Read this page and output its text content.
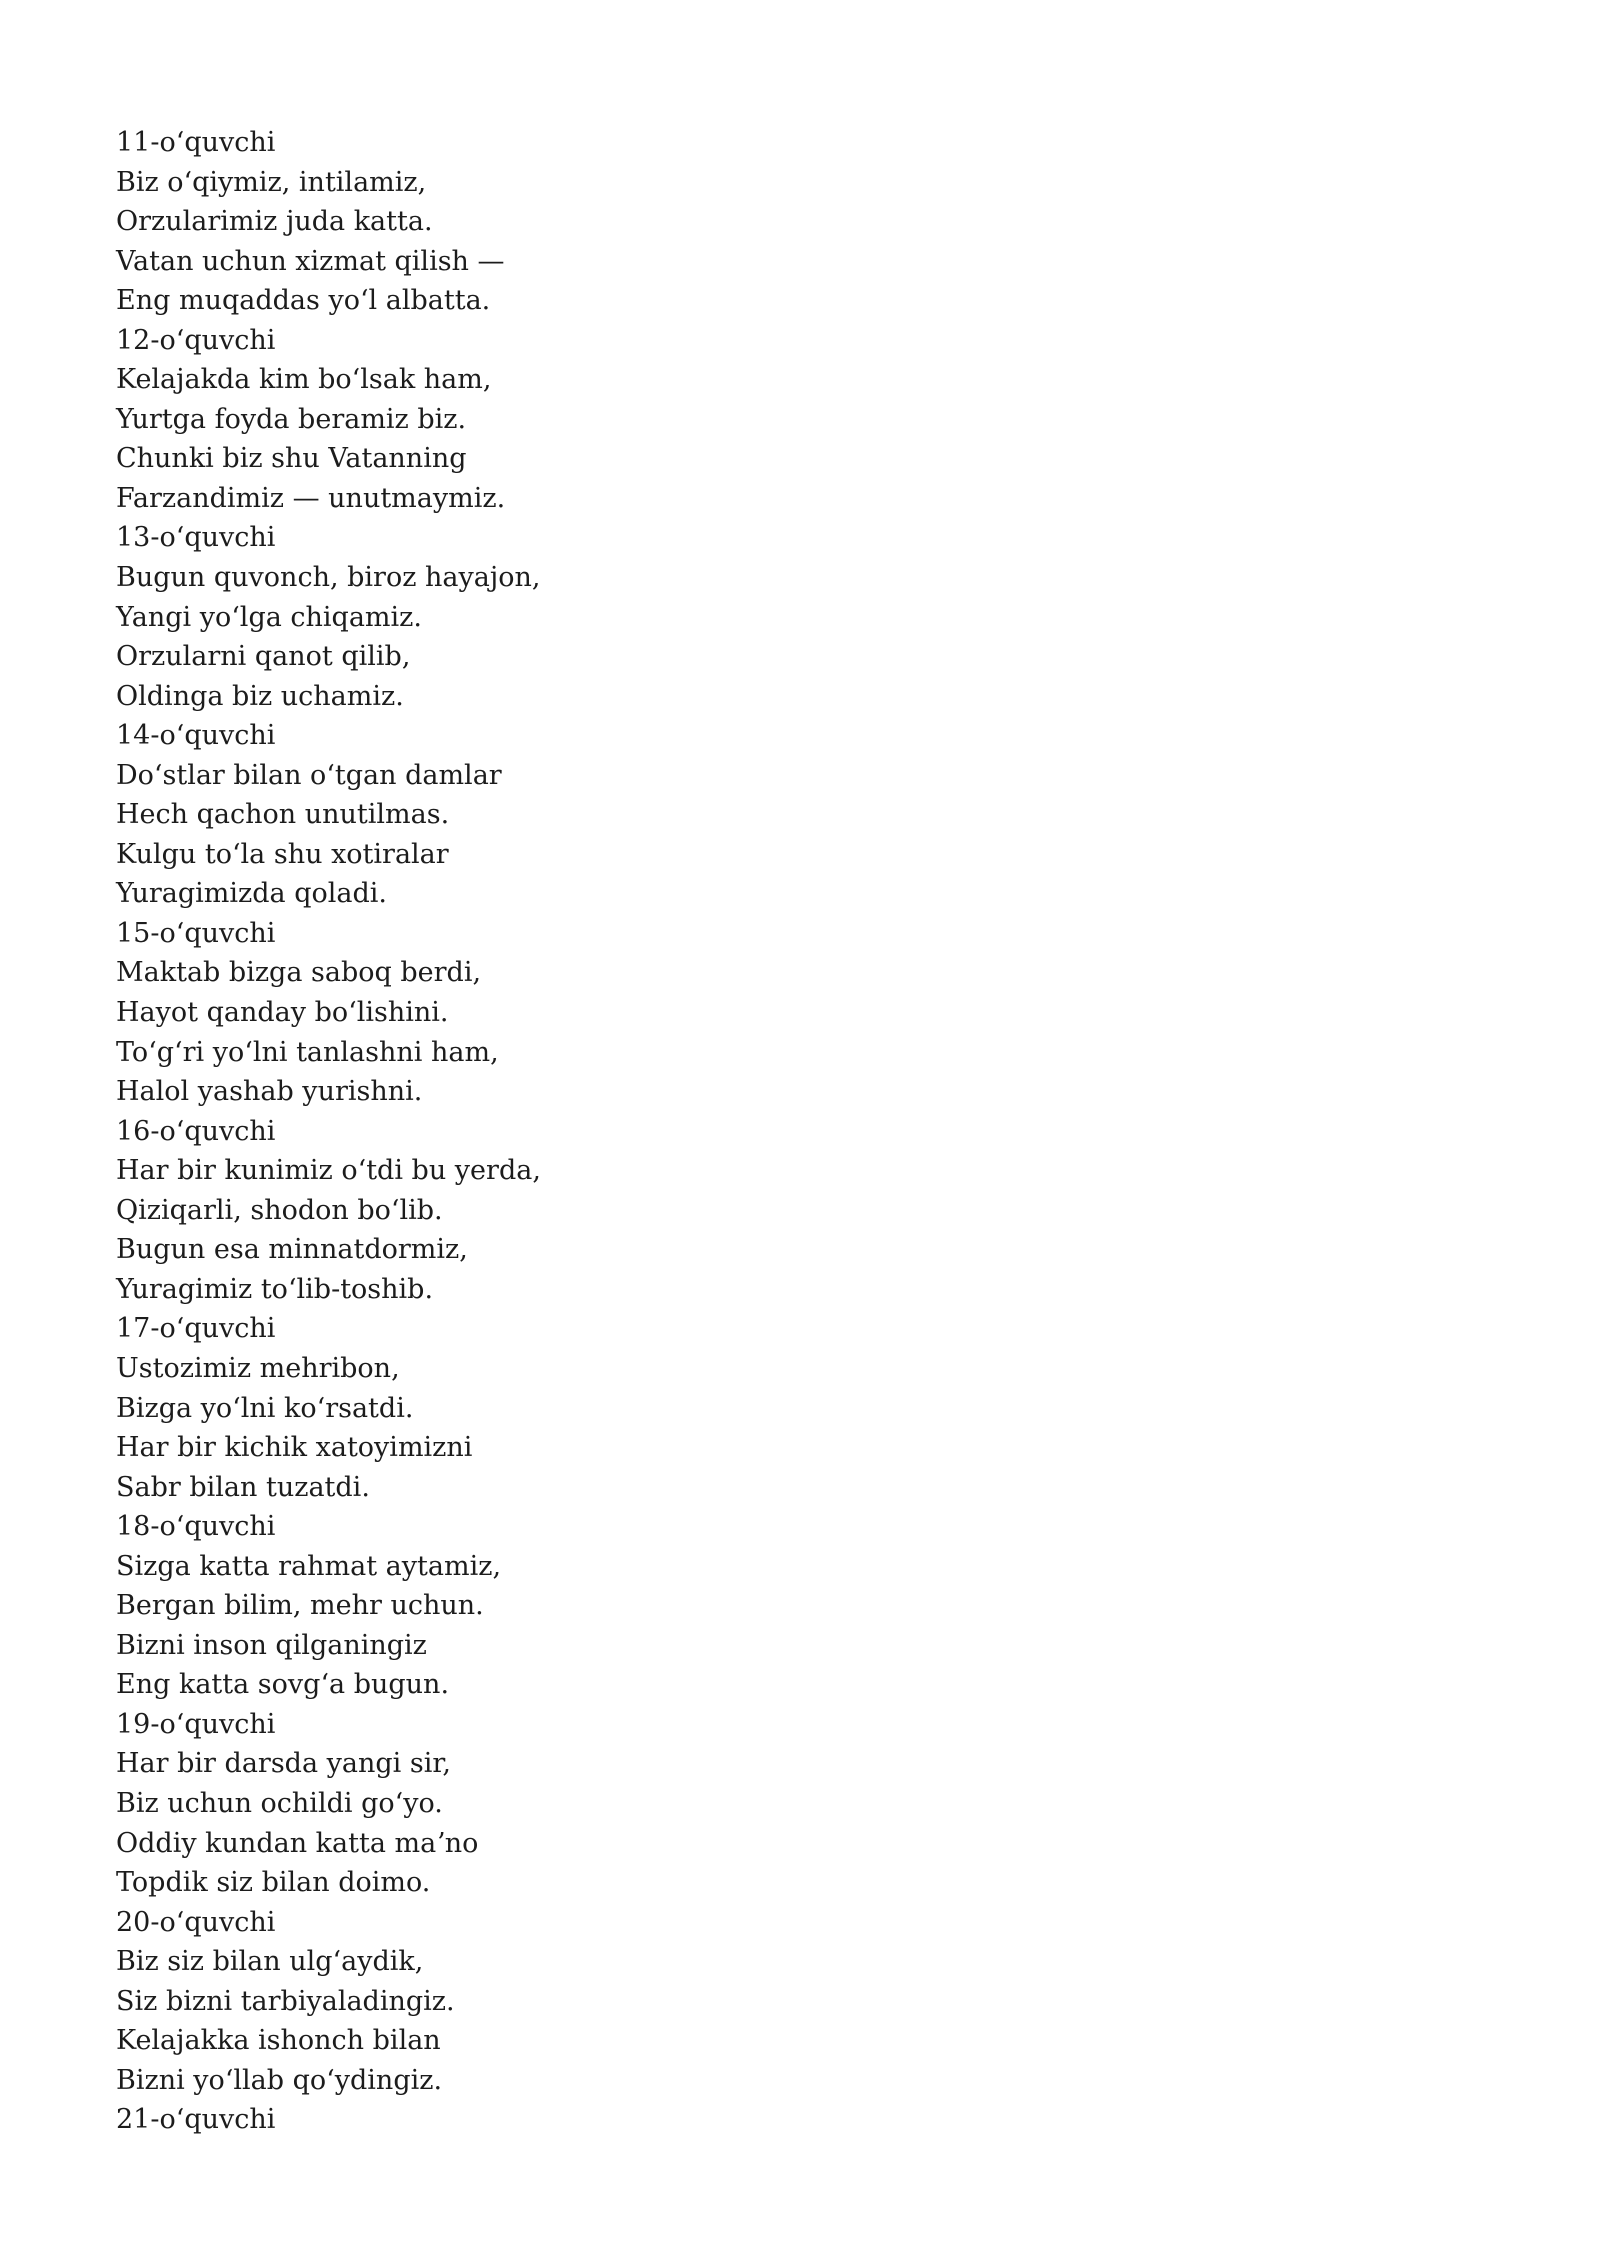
11-oʻquvchi
Biz oʻqiymiz, intilamiz,
Orzularimiz juda katta.
Vatan uchun xizmat qilish —
Eng muqaddas yoʻl albatta.
12-oʻquvchi
Kelajakda kim boʻlsak ham,
Yurtga foyda beramiz biz.
Chunki biz shu Vatanning
Farzandimiz — unutmaymiz.
13-oʻquvchi
Bugun quvonch, biroz hayajon,
Yangi yoʻlga chiqamiz.
Orzularni qanot qilib,
Oldinga biz uchamiz.
14-oʻquvchi
Doʻstlar bilan oʻtgan damlar
Hech qachon unutilmas.
Kulgu toʻla shu xotiralar
Yuragimizda qoladi.
15-oʻquvchi
Maktab bizga saboq berdi,
Hayot qanday boʻlishini.
Toʻgʻri yoʻlni tanlashni ham,
Halol yashab yurishni.
16-oʻquvchi
Har bir kunimiz oʻtdi bu yerda,
Qiziqarli, shodon boʻlib.
Bugun esa minnatdormiz,
Yuragimiz toʻlib-toshib.
17-oʻquvchi
Ustozimiz mehribon,
Bizga yoʻlni koʻrsatdi.
Har bir kichik xatoyimizni
Sabr bilan tuzatdi.
18-oʻquvchi
Sizga katta rahmat aytamiz,
Bergan bilim, mehr uchun.
Bizni inson qilganingiz
Eng katta sovgʻa bugun.
19-oʻquvchi
Har bir darsda yangi sir,
Biz uchun ochildi goʻyo.
Oddiy kundan katta maʼno
Topdik siz bilan doimo.
20-oʻquvchi
Biz siz bilan ulgʻaydik,
Siz bizni tarbiyaladingiz.
Kelajakka ishonch bilan
Bizni yoʻllab qoʻydingiz.
21-oʻquvchi
